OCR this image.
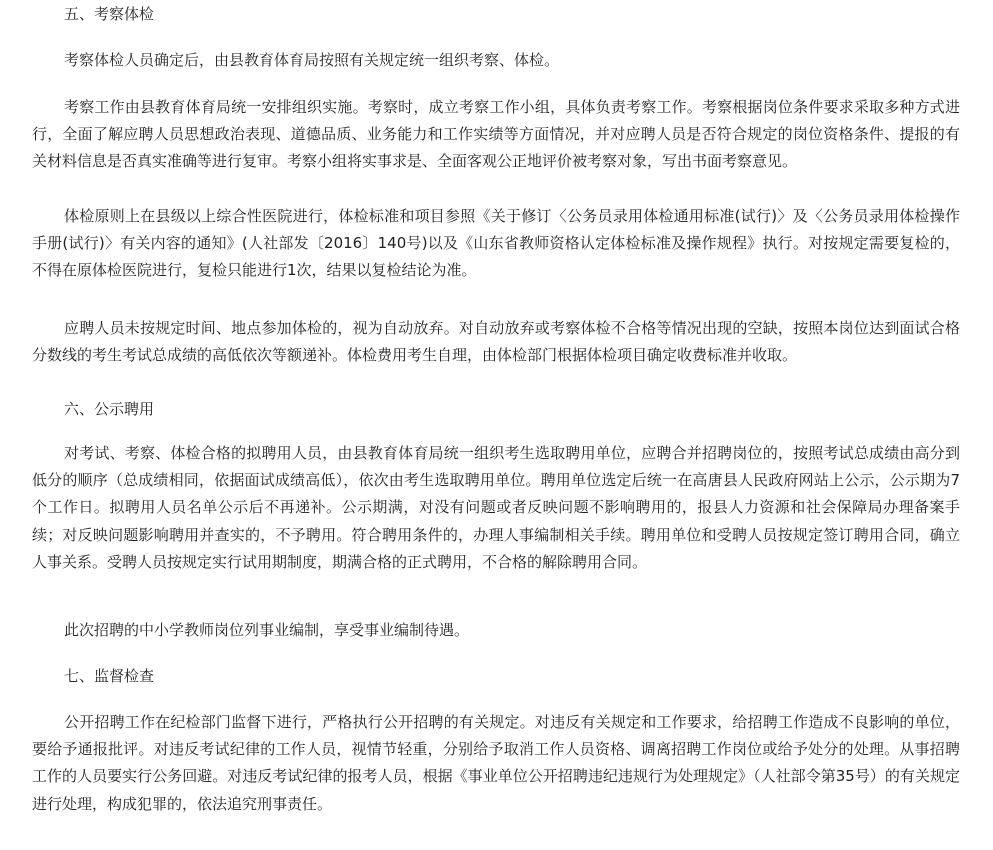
五、考察体检

考察体检人员确定后，由县教育体育局按照有关规定统一组织考察、体检。

考察工作由县教育体育局统一安排组织实施。考察时，成立考察工作小组，具体负责考察工作。考察根据岗位条件要求采取多种方式进行，全面了解应聘人员思想政治表现、道德品质、业务能力和工作实绩等方面情况，并对应聘人员是否符合规定的岗位资格条件、提报的有关材料信息是否真实准确等进行复审。考察小组将实事求是、全面客观公正地评价被考察对象，写出书面考察意见。

体检原则上在县级以上综合性医院进行，体检标准和项目参照《关于修订〈公务员录用体检通用标准(试行)〉及〈公务员录用体检操作手册(试行)〉有关内容的通知》(人社部发〔2016〕140号)以及《山东省教师资格认定体检标准及操作规程》执行。对按规定需要复检的，不得在原体检医院进行，复检只能进行1次，结果以复检结论为准。

应聘人员未按规定时间、地点参加体检的，视为自动放弃。对自动放弃或考察体检不合格等情况出现的空缺，按照本岗位达到面试合格分数线的考生考试总成绩的高低依次等额递补。体检费用考生自理，由体检部门根据体检项目确定收费标准并收取。

六、公示聘用

对考试、考察、体检合格的拟聘用人员，由县教育体育局统一组织考生选取聘用单位，应聘合并招聘岗位的，按照考试总成绩由高分到低分的顺序（总成绩相同，依据面试成绩高低），依次由考生选取聘用单位。聘用单位选定后统一在高唐县人民政府网站上公示，公示期为7个工作日。拟聘用人员名单公示后不再递补。公示期满，对没有问题或者反映问题不影响聘用的，报县人力资源和社会保障局办理备案手续；对反映问题影响聘用并查实的，不予聘用。符合聘用条件的，办理人事编制相关手续。聘用单位和受聘人员按规定签订聘用合同，确立人事关系。受聘人员按规定实行试用期制度，期满合格的正式聘用，不合格的解除聘用合同。

此次招聘的中小学教师岗位列事业编制，享受事业编制待遇。

七、监督检查

公开招聘工作在纪检部门监督下进行，严格执行公开招聘的有关规定。对违反有关规定和工作要求，给招聘工作造成不良影响的单位，要给予通报批评。对违反考试纪律的工作人员，视情节轻重，分别给予取消工作人员资格、调离招聘工作岗位或给予处分的处理。从事招聘工作的人员要实行公务回避。对违反考试纪律的报考人员，根据《事业单位公开招聘违纪违规行为处理规定》（人社部令第35号）的有关规定进行处理，构成犯罪的，依法追究刑事责任。
